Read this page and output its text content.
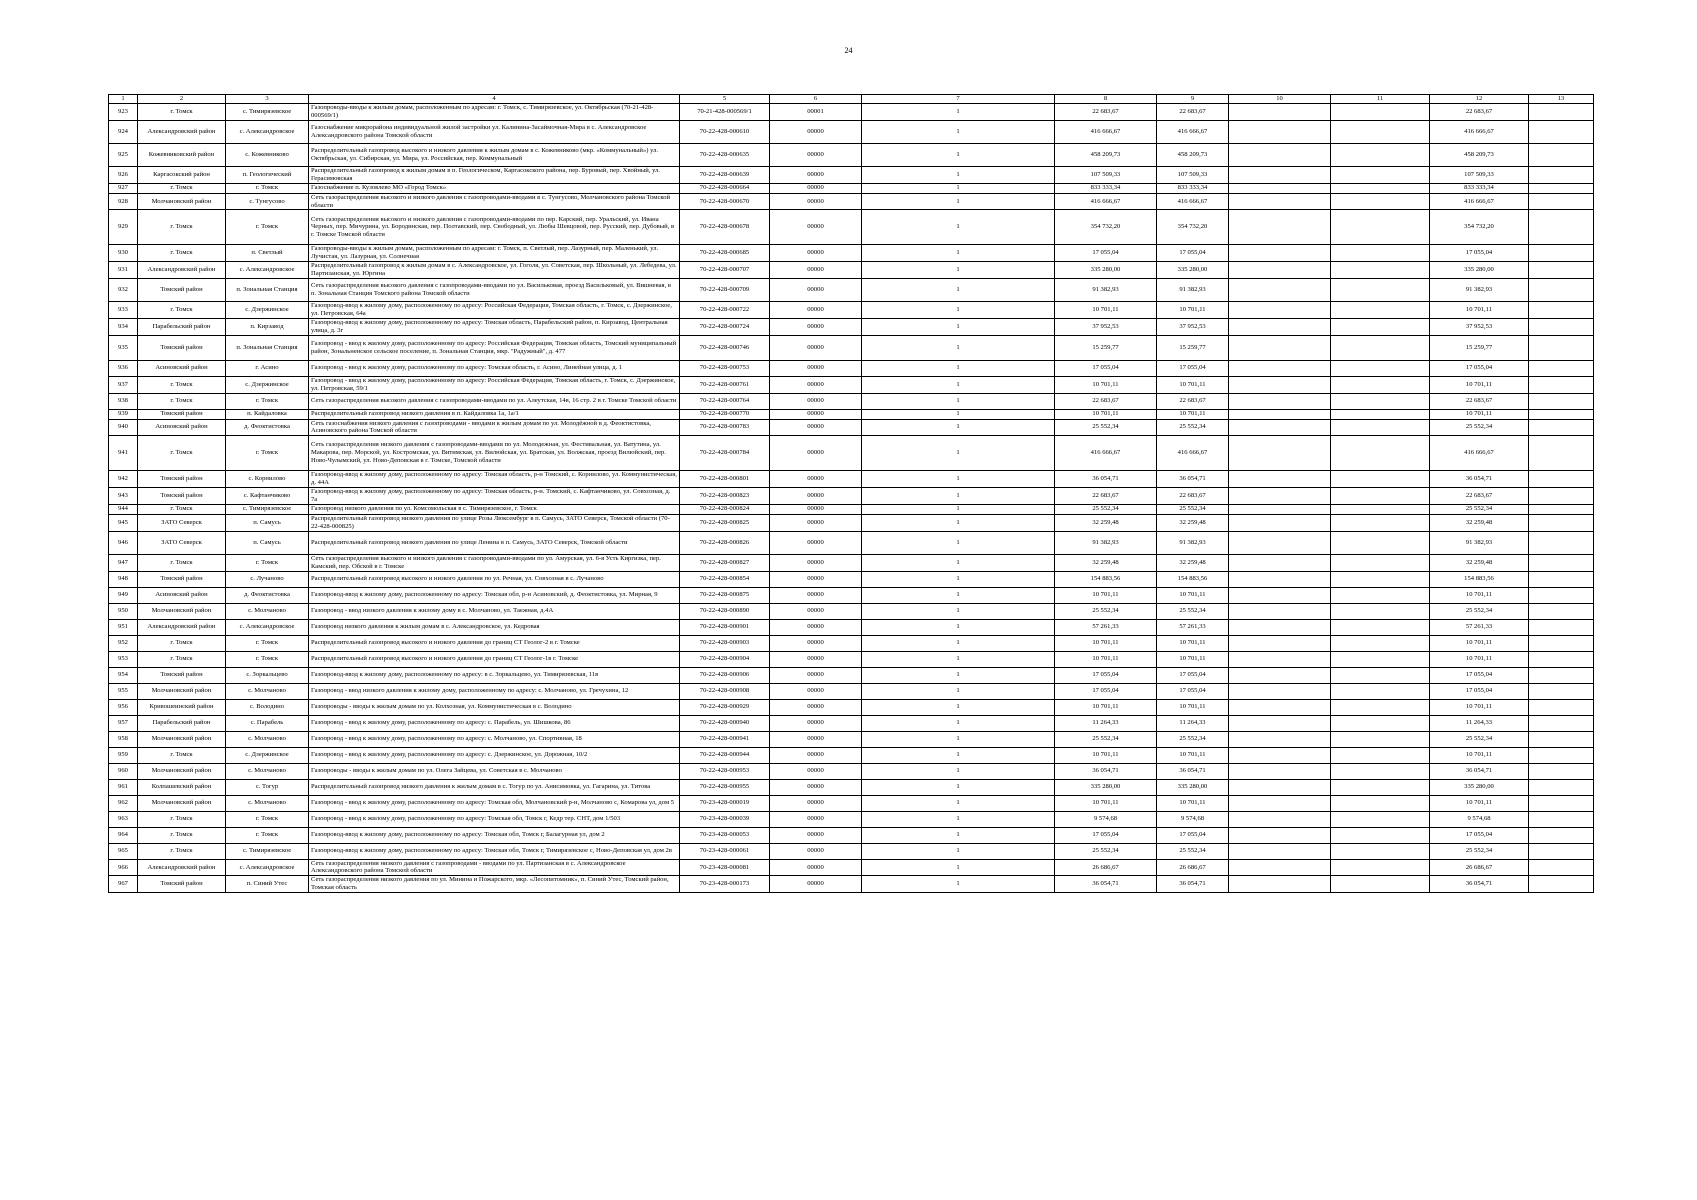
24
1	2	3	4	5	6	7	8	9	10	11	12	13
923	г. Томск	с. Тимирязевское	Газопроводы-вводы к жилым домам, расположенным по адресам: г. Томск, с. Тимирязевское, ул. Октябрьская (70-21-428-000569/1)	70-21-428-000569/1	00001	1	22 683,67	22 683,67			22 683,67	
924	Александровский район	с. Александровское	Газоснабжение микрорайона индивидуальной жилой застройки ул. Калинина-Засаймочная-Мира в с. Александровское Александровского района Томской области	70-22-428-000610	00000	1	416 666,67	416 666,67			416 666,67	
925	Кожевниковский район	с. Кожевниково	Распределительный газопровод высокого и низкого давления к жилым домам в с. Кожевниково (мкр. «Коммунальный») ул. Октябрьская, ул. Сибирская, ул. Мира, ул. Российская, пер. Коммунальный	70-22-428-000635	00000	1	458 209,73	458 209,73			458 209,73	
926	Каргасокский район	п. Геологический	Распределительный газопровод к жилым домам в п. Геологическом, Каргасокского района, пер. Буровый, пер. Хвойный, ул. Герасимовская	70-22-428-000639	00000	1	107 509,33	107 509,33			107 509,33	
927	г. Томск	г. Томск	Газоснабжение п. Кузовлево МО «Город Томск»	70-22-428-000664	00000	1	833 333,34	833 333,34			833 333,34	
928	Молчановский район	с. Тунгусово	Сеть газораспределения высокого и низкого давления с газопроводами-вводами в с. Тунгусово, Молчановского района Томской области	70-22-428-000670	00000	1	416 666,67	416 666,67			416 666,67	
929	г. Томск	г. Томск	Сеть газораспределения высокого и низкого давления с газопроводами-вводами по пер. Карский, пер. Уральский, ул. Ивана Черных, пер. Мичурина, ул. Бородинская, пер. Полтавский, пер. Свободный, ул. Любы Шевцовой, пер. Русский, пер. Дубовый, в г. Томске Томской области	70-22-428-000678	00000	1	354 732,20	354 732,20			354 732,20	
930	г. Томск	п. Светлый	Газопроводы-вводы к жилым домам, расположенным по адресам: г. Томск, п. Светлый, пер. Лазурный, пер. Маленький, ул. Лучистая, ул. Лазурная, ул. Солнечная	70-22-428-000685	00000	1	17 055,04	17 055,04			17 055,04	
931	Александровский район	с. Александровское	Распределительный газопровод к жилым домам в с. Александровское, ул. Гоголя, ул. Советская, пер. Школьный, ул. Лебедева, ул. Партизанская, ул. Юргина	70-22-428-000707	00000	1	335 280,00	335 280,00			335 280,00	
932	Томский район	п. Зональная Станция	Сеть газораспределения высокого давления с газопроводами-вводами по ул. Васильковая, проезд Васильковый, ул. Вишневая, в п. Зональная Станция Томского района Томской области	70-22-428-000709	00000	1	91 382,93	91 382,93			91 382,93	
933	г. Томск	с. Дзержинское	Газопровод-ввод к жилому дому, расположенному по адресу: Российская Федерация, Томская область, г. Томск, с. Дзержинское, ул. Петровская, 64а	70-22-428-000722	00000	1	10 701,11	10 701,11			10 701,11	
934	Парабельский район	п. Кирзавод	Газопровод-ввод к жилому дому, расположенному по адресу: Томская область, Парабельский район, п. Кирзавод, Центральная улица, д. 3г	70-22-428-000724	00000	1	37 952,53	37 952,53			37 952,53	
935	Томский район	п. Зональная Станция	Газопровод - ввод к жилому дому, расположенному по адресу: Российская Федерация, Томская область, Томский муниципальный район, Зональненское сельское поселение, п. Зональная Станция, мкр. "Радужный", д. 477	70-22-428-000746	00000	1	15 259,77	15 259,77			15 259,77	
936	Асиновский район	г. Асино	Газопровод - ввод к жилому дому, расположенному по адресу: Томская область, г. Асино, Линейная улица, д. 1	70-22-428-000753	00000	1	17 055,04	17 055,04			17 055,04	
937	г. Томск	с. Дзержинское	Газопровод - ввод к жилому дому, расположенному по адресу: Российская Федерация, Томская область, г. Томск, с. Дзержинское, ул. Петровская, 59/1	70-22-428-000761	00000	1	10 701,11	10 701,11			10 701,11	
938	г. Томск	г. Томск	Сеть газораспределения высокого давления с газопроводами-вводами по ул. Алеутская, 14в, 16 стр. 2 в г. Томске Томской области	70-22-428-000764	00000	1	22 683,67	22 683,67			22 683,67	
939	Томский район	п. Кайдаловка	Распределительный газопровод низкого давления в п. Кайдаловка 1а, 1а/1	70-22-428-000770	00000	1	10 701,11	10 701,11			10 701,11	
940	Асиновский район	д. Феоктистовка	Сеть газоснабжения низкого давления с газопроводами - вводами к жилым домам по ул. Молодёжной в д. Феоктистовка, Асиновского района Томской области	70-22-428-000783	00000	1	25 552,34	25 552,34			25 552,34	
941	г. Томск	г. Томск	Сеть газораспределения низкого давления с газопроводами-вводами по ул. Молодежная, ул. Фестивальная, ул. Ватутина, ул. Макарова, пер. Морской, ул. Костромская, ул. Витимская, ул. Вилюйская, ул. Братская, ул. Волжская, проезд Вилюйский, пер. Ново-Чулымский, ул. Ново-Деповская в г. Томске, Томской области	70-22-428-000784	00000	1	416 666,67	416 666,67			416 666,67	
942	Томский район	с. Корнилово	Газопровод-ввод к жилому дому, расположенному по адресу: Томская область, р-н Томский, с. Корнилово, ул. Коммунистическая, д. 44А	70-22-428-000801	00000	1	36 054,71	36 054,71			36 054,71	
943	Томский район	с. Кафтанчиково	Газопровод-ввод к жилому дому, расположенному по адресу: Томская область, р-н. Томский, с. Кафтанчиково, ул. Совхозная, д. 7а	70-22-428-000823	00000	1	22 683,67	22 683,67			22 683,67	
944	г. Томск	с. Тимирязевское	Газопровод низкого давления по ул. Комсомольская в с. Тимирязевское, г. Томск	70-22-428-000824	00000	1	25 552,34	25 552,34			25 552,34	
945	ЗАТО Северск	п. Самусь	Распределительный газопровод низкого давления по улице Розы Люксембург в п. Самусь, ЗАТО Северск, Томской области (70-22-428-000825)	70-22-428-000825	00000	1	32 259,48	32 259,48			32 259,48	
946	ЗАТО Северск	п. Самусь	Распределительный газопровод низкого давления по улице Ленина в п. Самусь, ЗАТО Северск, Томской области	70-22-428-000826	00000	1	91 382,93	91 382,93			91 382,93	
947	г. Томск	г. Томск	Сеть газораспределения высокого и низкого давления с газопроводами-вводами по ул. Амурская, ул. 6-я Усть Киргизка, пер. Камский, пер. Обской в г. Томске	70-22-428-000827	00000	1	32 259,48	32 259,48			32 259,48	
948	Томский район	с. Лучаново	Распределительный газопровод высокого и низкого давления по ул. Речная, ул. Совхозная в с. Лучаново	70-22-428-000854	00000	1	154 883,56	154 883,56			154 883,56	
949	Асиновский район	д. Феоктистовка	Газопровод-ввод к жилому дому, расположенному по адресу: Томская обл, р-н Асиновский, д. Феоктистовка, ул. Мирная, 9	70-22-428-000875	00000	1	10 701,11	10 701,11			10 701,11	
950	Молчановский район	с. Молчаново	Газопровод - ввод низкого давления к жилому дому в с. Молчаново, ул. Таежная, д.4А	70-22-428-000890	00000	1	25 552,34	25 552,34			25 552,34	
951	Александровский район	с. Александровское	Газопровод низкого давления к жилым домам в с. Александровское, ул. Кедровая	70-22-428-000901	00000	1	57 261,33	57 261,33			57 261,33	
952	г. Томск	г. Томск	Распределительный газопровод высокого и низкого давления до границ СТ Геолог-2 в г. Томске	70-22-428-000903	00000	1	10 701,11	10 701,11			10 701,11	
953	г. Томск	г. Томск	Распределительный газопровод высокого и низкого давления до границ СТ Геолог-1в г. Томске	70-22-428-000904	00000	1	10 701,11	10 701,11			10 701,11	
954	Томский район	с. Зоркальцево	Газопровод-ввод к жилому дому, расположенному по адресу: в с. Зоркальцево, ул. Тимирязевская, 11в	70-22-428-000906	00000	1	17 055,04	17 055,04			17 055,04	
955	Молчановский район	с. Молчаново	Газопровод - ввод низкого давления к жилому дому, расположенному по адресу: с. Молчаново, ул. Гречухина, 12	70-22-428-000908	00000	1	17 055,04	17 055,04			17 055,04	
956	Кривошеинский район	с. Володино	Газопроводы - вводы к жилым домам по ул. Колхозная, ул. Коммунистическая в с. Володино	70-22-428-000929	00000	1	10 701,11	10 701,11			10 701,11	
957	Парабельский район	с. Парабель	Газопровод - ввод к жилому дому, расположенному по адресу: с. Парабель, ул. Шишкова, 86	70-22-428-000940	00000	1	11 264,33	11 264,33			11 264,33	
958	Молчановский район	с. Молчаново	Газопровод - ввод к жилому дому, расположенному по адресу: с. Молчаново, ул. Спортивная, 18	70-22-428-000941	00000	1	25 552,34	25 552,34			25 552,34	
959	г. Томск	с. Дзержинское	Газопровод - ввод к жилому дому, расположенному по адресу: с. Дзержинское, ул. Дорожная, 10/2	70-22-428-000944	00000	1	10 701,11	10 701,11			10 701,11	
960	Молчановский район	с. Молчаново	Газопроводы - вводы к жилым домам по ул. Олега Зайцева, ул. Советская в с. Молчаново	70-22-428-000953	00000	1	36 054,71	36 054,71			36 054,71	
961	Колпашевский район	с. Тогур	Распределительный газопровод низкого давления к жилым домам в с. Тогур по ул. Анисимовка, ул. Гагарина, ул. Титова	70-22-428-000955	00000	1	335 280,00	335 280,00			335 280,00	
962	Молчановский район	с. Молчаново	Газопровод - ввод к жилому дому, расположенному по адресу: Томская обл, Молчановский р-н, Молчаново с, Комарова ул, дом 5	70-23-428-000019	00000	1	10 701,11	10 701,11			10 701,11	
963	г. Томск	г. Томск	Газопровод - ввод к жилому дому, расположенному по адресу: Томская обл, Томск г, Кедр тер. СНТ, дом 1/503	70-23-428-000039	00000	1	9 574,68	9 574,68			9 574,68	
964	г. Томск	г. Томск	Газопровод-ввод к жилому дому, расположенному по адресу: Томская обл, Томск г, Балагурная ул, дом 2	70-23-428-000053	00000	1	17 055,04	17 055,04			17 055,04	
965	г. Томск	с. Тимирязевское	Газопровод-ввод к жилому дому, расположенному по адресу: Томская обл, Томск г, Тимирязевское с, Ново-Деповская ул, дом 2в	70-23-428-000061	00000	1	25 552,34	25 552,34			25 552,34	
966	Александровский район	с. Александровское	Сеть газораспределения низкого давления с газопроводами - вводами по ул. Партизанская в с. Александровское Александровского района Томской области	70-23-428-000081	00000	1	26 686,67	26 686,67			26 686,67	
967	Томский район	п. Синий Утес	Сеть газораспределения низкого давления по ул. Минина и Пожарского, мкр. «Лесопитомник», п. Синий Утес, Томский район, Томская область	70-23-428-000173	00000	1	36 054,71	36 054,71			36 054,71	
